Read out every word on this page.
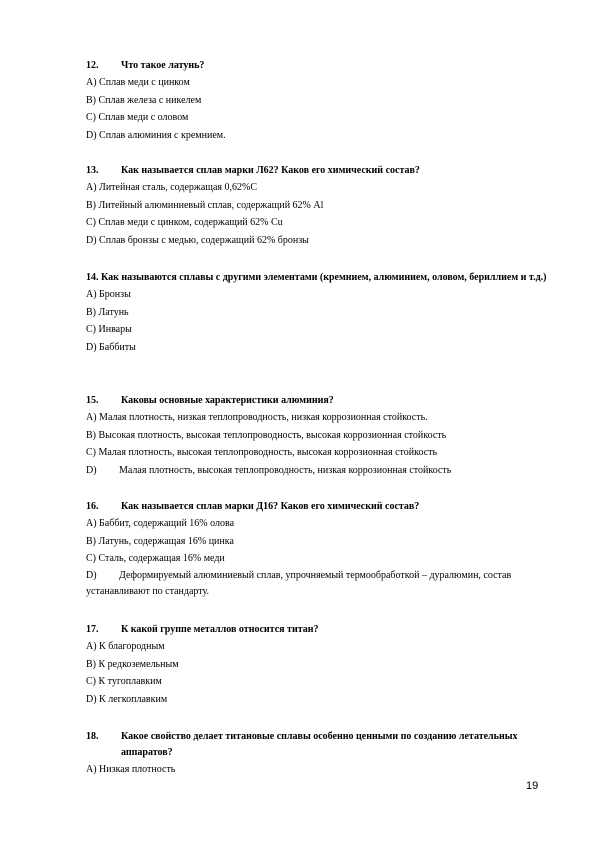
12.	Что такое латунь?
А) Сплав меди с цинком
В) Сплав железа с никелем
С) Сплав меди с оловом
D) Сплав алюминия с кремнием.
13.	Как называется сплав марки Л62? Каков его химический состав?
А) Литейная сталь, содержащая 0,62%С
В) Литейный алюминиевый сплав, содержащий 62% Al
С) Сплав меди с цинком, содержащий 62% Cu
D) Сплав бронзы с медью, содержащий 62% бронзы
14. Как называются сплавы с другими элементами (кремнием, алюминием, оловом, бериллием и т.д.)
А) Бронзы
В) Латунь
С) Инвары
D) Баббиты
15.	Каковы основные характеристики алюминия?
А) Малая плотность, низкая теплопроводность, низкая коррозионная стойкость.
В) Высокая плотность, высокая теплопроводность, высокая коррозионная стойкость
С) Малая плотность, высокая теплопроводность, высокая коррозионная стойкость
D) Малая плотность, высокая теплопроводность, низкая коррозионная стойкость
16.	Как называется сплав марки Д16? Каков его химический состав?
А) Баббит, содержащий 16% олова
В) Латунь, содержащая 16% цинка
С) Сталь, содержащая 16% меди
D) Деформируемый алюминиевый сплав, упрочняемый термообработкой – дуралюмин, состав устанавливают по стандарту.
17.	К какой группе металлов относится титан?
А) К благородным
В) К редкоземельным
С) К тугоплавким
D) К легкоплавким
18.	Какое свойство делает титановые сплавы особенно ценными по созданию летательных аппаратов?
А) Низкая плотность
19
